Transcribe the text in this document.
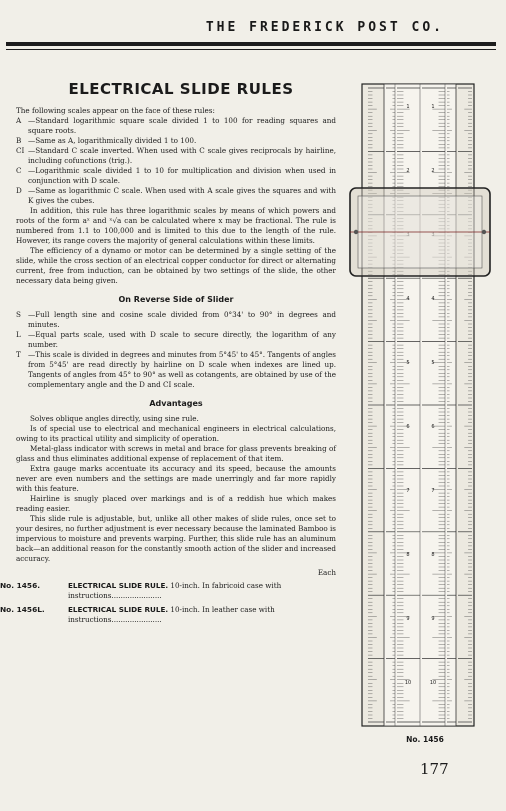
THE FREDERICK POST CO.
ELECTRICAL SLIDE RULES

The following scales appear on the face of these rules:

A —Standard logarithmic square scale divided 1 to 100 for reading squares and square roots.

B —Same as A, logarithmically divided 1 to 100.

CI —Standard C scale inverted. When used with C scale gives reciprocals by hairline, including cofunctions (trig.).

C —Logarithmic scale divided 1 to 10 for multiplication and division when used in conjunction with D scale.

D —Same as logarithmic C scale. When used with A scale gives the squares and with K gives the cubes.

In addition, this rule has three logarithmic scales by means of which powers and roots of the form aˣ and ˣ√a can be calculated where x may be fractional. The rule is numbered from 1.1 to 100,000 and is limited to this due to the length of the rule. However, its range covers the majority of general calculations within these limits.

The efficiency of a dynamo or motor can be determined by a single setting of the slide, while the cross section of an electrical copper conductor for direct or alternating current, free from induction, can be obtained by two settings of the slide, the other necessary data being given.

On Reverse Side of Slider

S —Full length sine and cosine scale divided from 0°34' to 90° in degrees and minutes.

L —Equal parts scale, used with D scale to secure directly, the logarithm of any number.

T —This scale is divided in degrees and minutes from 5°45' to 45°. Tangents of angles from 5°45' are read directly by hairline on D scale when indexes are lined up. Tangents of angles from 45° to 90° as well as cotangents, are obtained by use of the complementary angle and the D and CI scale.

Advantages

Solves oblique angles directly, using sine rule.

Is of special use to electrical and mechanical engineers in electrical calculations, owing to its practical utility and simplicity of operation.

Metal-glass indicator with screws in metal and brace for glass prevents breaking of glass and thus eliminates additional expense of replacement of that item.

Extra gauge marks accentuate its accuracy and its speed, because the amounts never are even numbers and the settings are made unerringly and far more rapidly with this feature.

Hairline is snugly placed over markings and is of a reddish hue which makes reading easier.

This slide rule is adjustable, but, unlike all other makes of slide rules, once set to your desires, no further adjustment is ever necessary because the laminated Bamboo is impervious to moisture and prevents warping. Further, this slide rule has an aluminum back—an additional reason for the constantly smooth action of the slider and increased accuracy.

Each

No. 1456.	ELECTRICAL SLIDE RULE. 10-inch. In fabricoid case with instructions......................

No. 1456L.	ELECTRICAL SLIDE RULE. 10-inch. In leather case with instructions......................

1
2
4
5
6
7
8
9
10
1
2
4
5
6
7
8
9
10
No. 1456
177
